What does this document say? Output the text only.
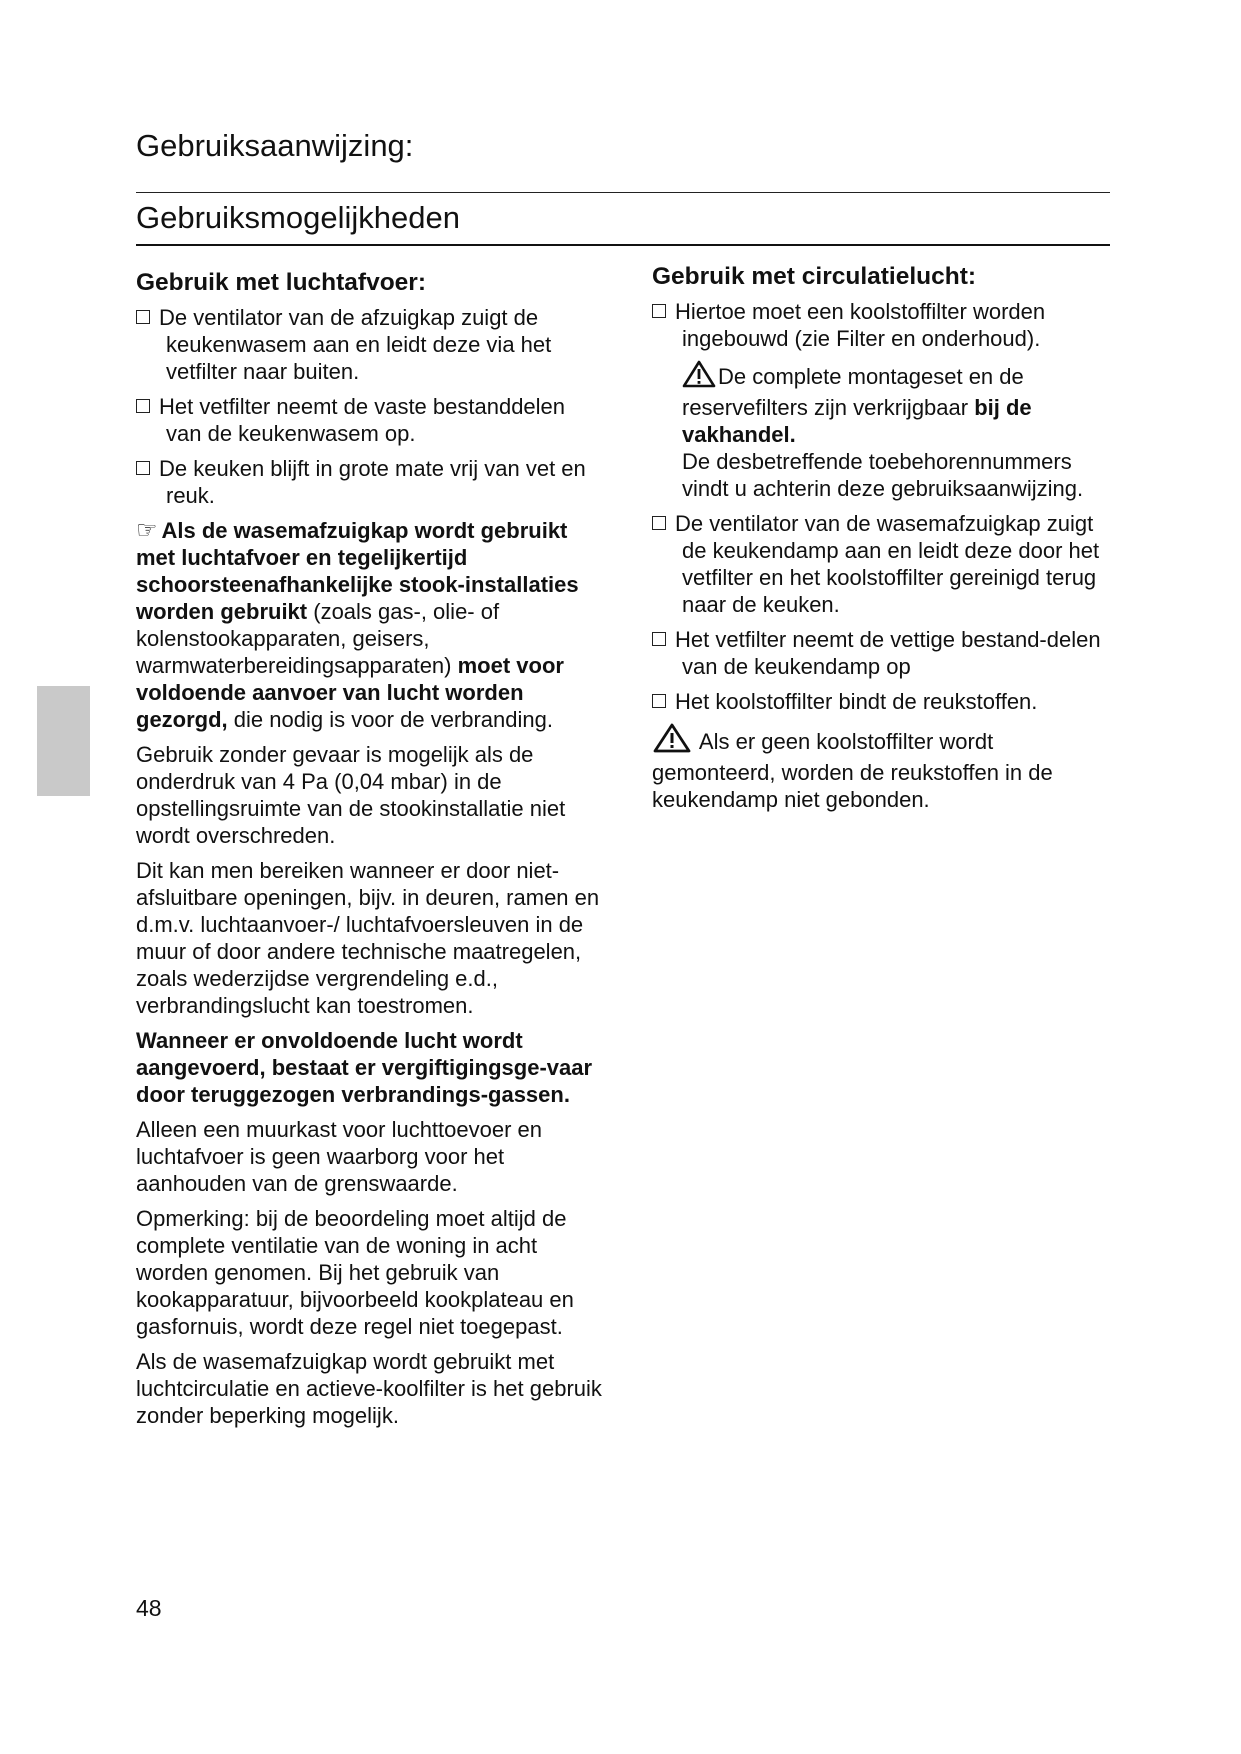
Gebruiksaanwijzing:
Gebruiksmogelijkheden
Gebruik met luchtafvoer:

De ventilator van de afzuigkap zuigt de keukenwasem aan en leidt deze via het vetfilter naar buiten.

Het vetfilter neemt de vaste bestanddelen van de keukenwasem op.

De keuken blijft in grote mate vrij van vet en reuk.

☞ Als de wasemafzuigkap wordt gebruikt met luchtafvoer en tegelijkertijd schoorsteenafhankelijke stook-installaties worden gebruikt (zoals gas-, olie- of kolenstookapparaten, geisers, warmwaterbereidingsapparaten) moet voor voldoende aanvoer van lucht worden gezorgd, die nodig is voor de verbranding.

Gebruik zonder gevaar is mogelijk als de onderdruk van 4 Pa (0,04 mbar) in de opstellingsruimte van de stookinstallatie niet wordt overschreden.

Dit kan men bereiken wanneer er door niet-afsluitbare openingen, bijv. in deuren, ramen en d.m.v. luchtaanvoer-/ luchtafvoersleuven in de muur of door andere technische maatregelen, zoals wederzijdse vergrendeling e.d., verbrandingslucht kan toestromen.

Wanneer er onvoldoende lucht wordt aangevoerd, bestaat er vergiftigingsge-vaar door teruggezogen verbrandings-gassen.

Alleen een muurkast voor luchttoevoer en luchtafvoer is geen waarborg voor het aanhouden van de grenswaarde.

Opmerking: bij de beoordeling moet altijd de complete ventilatie van de woning in acht worden genomen. Bij het gebruik van kookapparatuur, bijvoorbeeld kookplateau en gasfornuis, wordt deze regel niet toegepast.

Als de wasemafzuigkap wordt gebruikt met luchtcirculatie en actieve-koolfilter is het gebruik zonder beperking mogelijk.

Gebruik met circulatielucht:

Hiertoe moet een koolstoffilter worden ingebouwd (zie Filter en onderhoud).

De complete montageset en de reservefilters zijn verkrijgbaar bij de vakhandel.
De desbetreffende toebehorennummers vindt u achterin deze gebruiksaanwijzing.

De ventilator van de wasemafzuigkap zuigt de keukendamp aan en leidt deze door het vetfilter en het koolstoffilter gereinigd terug naar de keuken.

Het vetfilter neemt de vettige bestand-delen van de keukendamp op

Het koolstoffilter bindt de reukstoffen.

Als er geen koolstoffilter wordt gemonteerd, worden de reukstoffen in de keukendamp niet gebonden.

48
